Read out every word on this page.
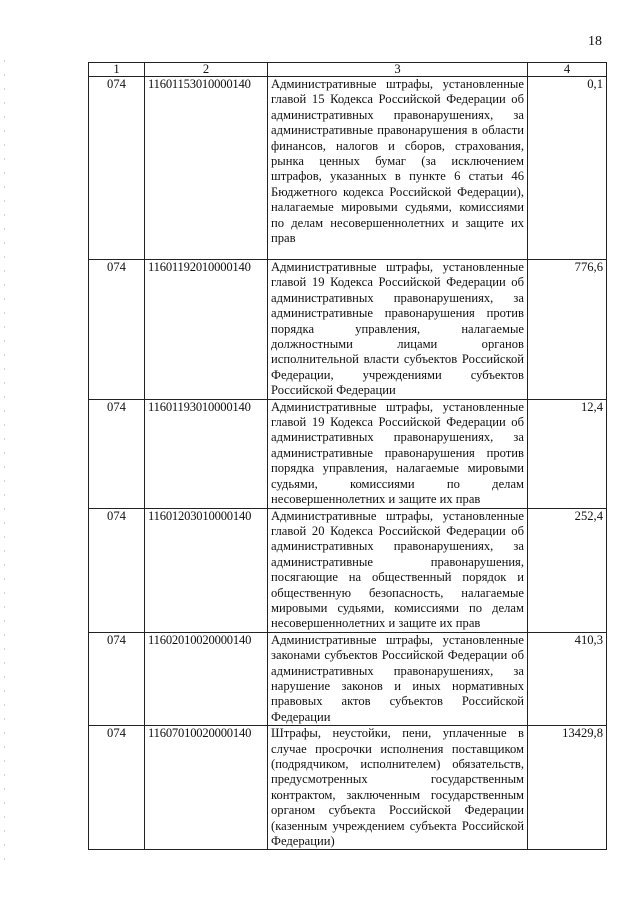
18
1	2	3	4
074	11601153010000140	Административные штрафы, установленные главой 15 Кодекса Российской Федерации об административных правонарушениях, за административные правонарушения в области финансов, налогов и сборов, страхования, рынка ценных бумаг (за исключением штрафов, указанных в пункте 6 статьи 46 Бюджетного кодекса Российской Федерации), налагаемые мировыми судьями, комиссиями по делам несовершеннолетних и защите их прав	0,1
074	11601192010000140	Административные штрафы, установленные главой 19 Кодекса Российской Федерации об административных правонарушениях, за административные правонарушения против порядка управления, налагаемые должностными лицами органов исполнительной власти субъектов Российской Федерации, учреждениями субъектов Российской Федерации	776,6
074	11601193010000140	Административные штрафы, установленные главой 19 Кодекса Российской Федерации об административных правонарушениях, за административные правонарушения против порядка управления, налагаемые мировыми судьями, комиссиями по делам несовершеннолетних и защите их прав	12,4
074	11601203010000140	Административные штрафы, установленные главой 20 Кодекса Российской Федерации об административных правонарушениях, за административные правонарушения, посягающие на общественный порядок и общественную безопасность, налагаемые мировыми судьями, комиссиями по делам несовершеннолетних и защите их прав	252,4
074	11602010020000140	Административные штрафы, установленные законами субъектов Российской Федерации об административных правонарушениях, за нарушение законов и иных нормативных правовых актов субъектов Российской Федерации	410,3
074	11607010020000140	Штрафы, неустойки, пени, уплаченные в случае просрочки исполнения поставщиком (подрядчиком, исполнителем) обязательств, предусмотренных государственным контрактом, заключенным государственным органом субъекта Российской Федерации (казенным учреждением субъекта Российской Федерации)	13429,8
